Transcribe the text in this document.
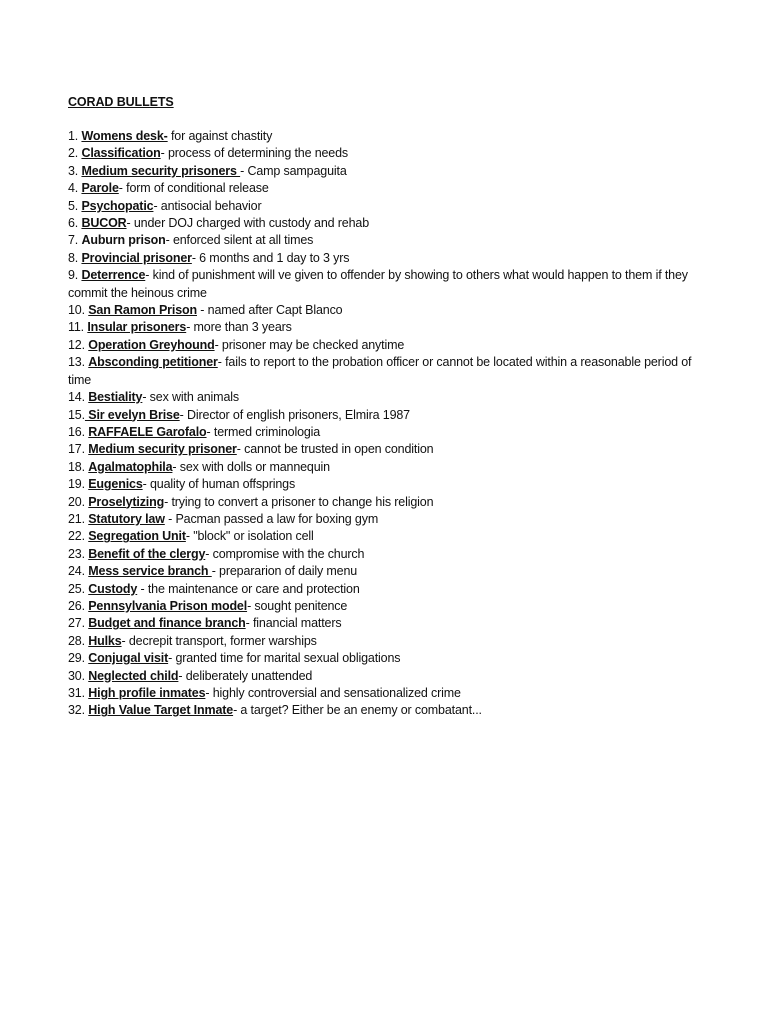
CORAD BULLETS
1. Womens desk- for against chastity
2. Classification- process of determining the needs
3. Medium security prisoners - Camp sampaguita
4. Parole- form of conditional release
5. Psychopatic- antisocial behavior
6. BUCOR- under DOJ charged with custody and rehab
7. Auburn prison- enforced silent at all times
8. Provincial prisoner- 6 months and 1 day to 3 yrs
9. Deterrence- kind of punishment will ve given to offender by showing to others what would happen to them if they commit the heinous crime
10. San Ramon Prison - named after Capt Blanco
11. Insular prisoners- more than 3 years
12. Operation Greyhound- prisoner may be checked anytime
13. Absconding petitioner- fails to report to the probation officer or cannot be located within a reasonable period of time
14. Bestiality- sex with animals
15. Sir evelyn Brise- Director of english prisoners, Elmira 1987
16. RAFFAELE Garofalo- termed criminologia
17. Medium security prisoner- cannot be trusted in open condition
18. Agalmatophila- sex with dolls or mannequin
19. Eugenics- quality of human offsprings
20. Proselytizing- trying to convert a prisoner to change his religion
21. Statutory law - Pacman passed a law for boxing gym
22. Segregation Unit- "block" or isolation cell
23. Benefit of the clergy- compromise with the church
24. Mess service branch - prepararion of daily menu
25. Custody - the maintenance or care and protection
26. Pennsylvania Prison model- sought penitence
27. Budget and finance branch- financial matters
28. Hulks- decrepit transport, former warships
29. Conjugal visit- granted time for marital sexual obligations
30. Neglected child- deliberately unattended
31. High profile inmates- highly controversial and sensationalized crime
32. High Value Target Inmate- a target? Either be an enemy or combatant...
